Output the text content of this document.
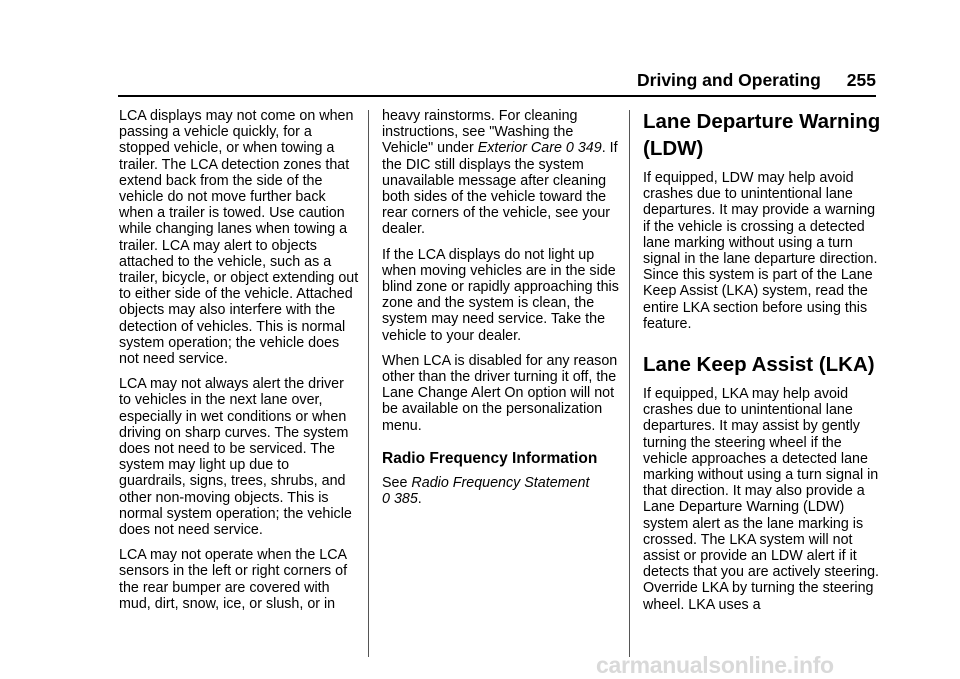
Driving and Operating 255

LCA displays may not come on when passing a vehicle quickly, for a stopped vehicle, or when towing a trailer. The LCA detection zones that extend back from the side of the vehicle do not move further back when a trailer is towed. Use caution while changing lanes when towing a trailer. LCA may alert to objects attached to the vehicle, such as a trailer, bicycle, or object extending out to either side of the vehicle. Attached objects may also interfere with the detection of vehicles. This is normal system operation; the vehicle does not need service.

LCA may not always alert the driver to vehicles in the next lane over, especially in wet conditions or when driving on sharp curves. The system does not need to be serviced. The system may light up due to guardrails, signs, trees, shrubs, and other non-moving objects. This is normal system operation; the vehicle does not need service.

LCA may not operate when the LCA sensors in the left or right corners of the rear bumper are covered with mud, dirt, snow, ice, or slush, or in

heavy rainstorms. For cleaning instructions, see "Washing the Vehicle" under Exterior Care 0 349. If the DIC still displays the system unavailable message after cleaning both sides of the vehicle toward the rear corners of the vehicle, see your dealer.

If the LCA displays do not light up when moving vehicles are in the side blind zone or rapidly approaching this zone and the system is clean, the system may need service. Take the vehicle to your dealer.

When LCA is disabled for any reason other than the driver turning it off, the Lane Change Alert On option will not be available on the personalization menu.

Radio Frequency Information

See Radio Frequency Statement
0 385.

Lane Departure Warning (LDW)

If equipped, LDW may help avoid crashes due to unintentional lane departures. It may provide a warning if the vehicle is crossing a detected lane marking without using a turn signal in the lane departure direction. Since this system is part of the Lane Keep Assist (LKA) system, read the entire LKA section before using this feature.

Lane Keep Assist (LKA)

If equipped, LKA may help avoid crashes due to unintentional lane departures. It may assist by gently turning the steering wheel if the vehicle approaches a detected lane marking without using a turn signal in that direction. It may also provide a Lane Departure Warning (LDW) system alert as the lane marking is crossed. The LKA system will not assist or provide an LDW alert if it detects that you are actively steering. Override LKA by turning the steering wheel. LKA uses a

carmanualsonline.info
